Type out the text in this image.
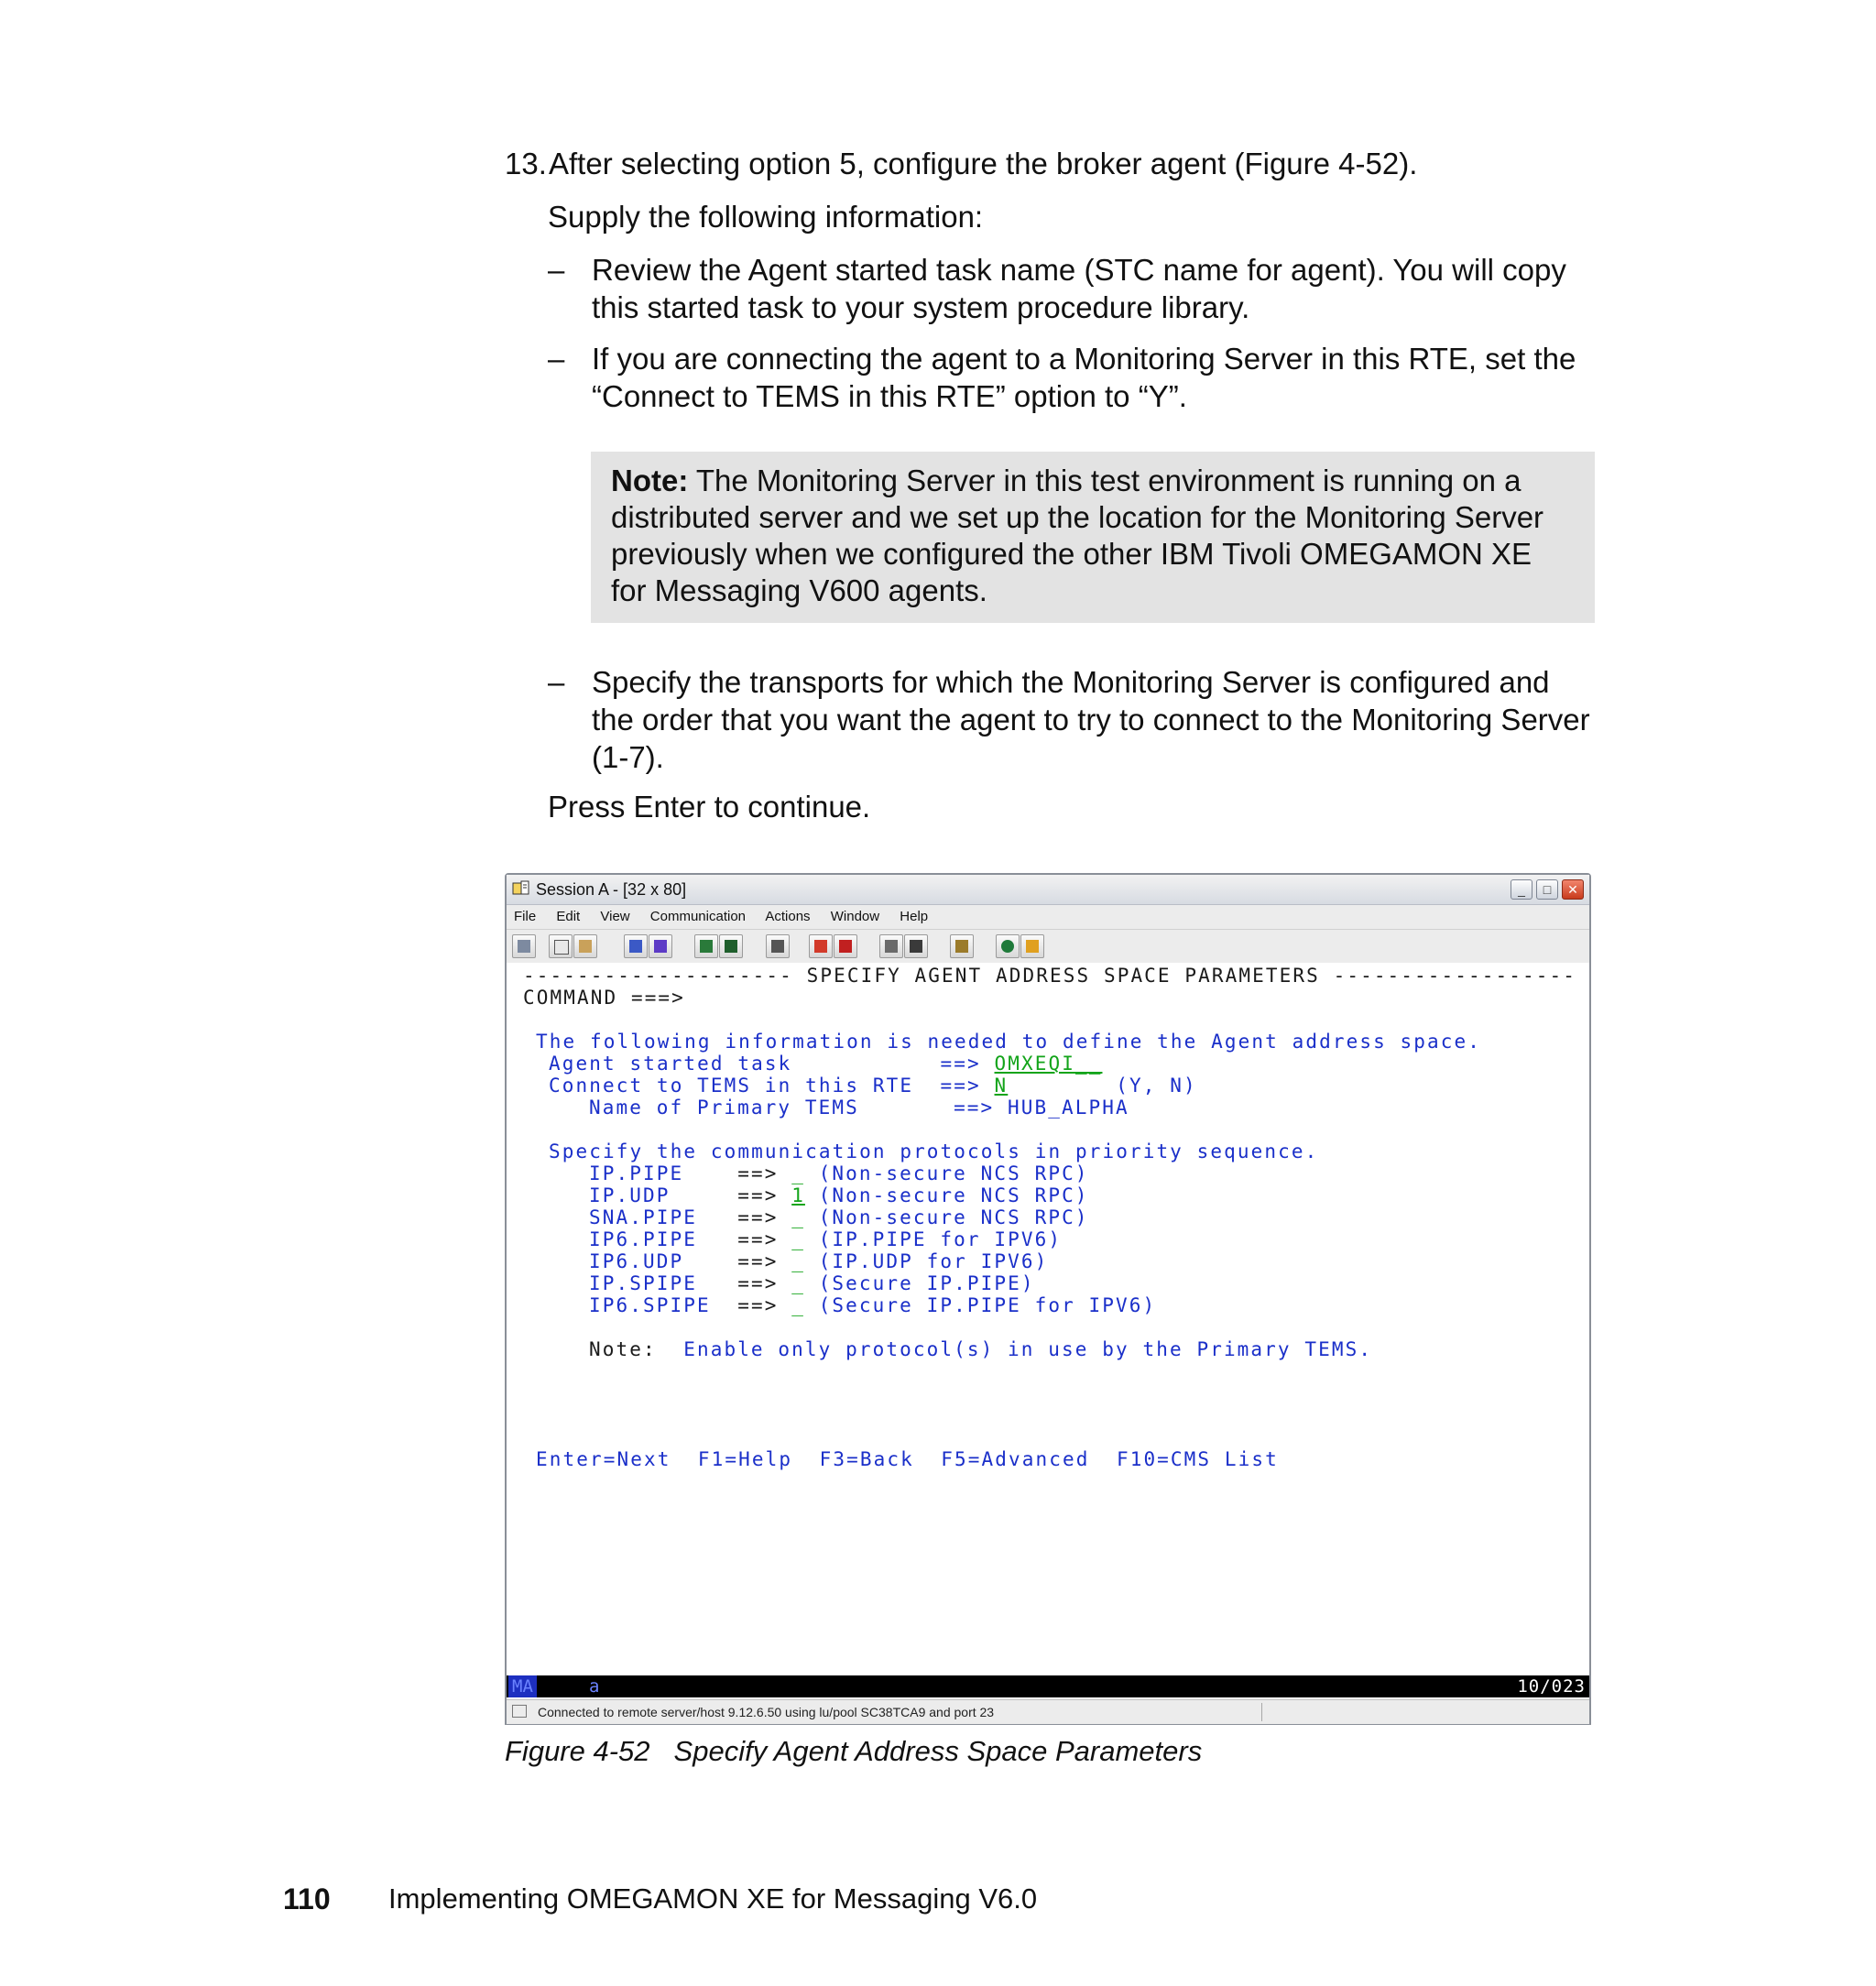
13.After selecting option 5, configure the broker agent (Figure 4-52).
Supply the following information:
– Review the Agent started task name (STC name for agent). You will copy
this started task to your system procedure library.
– If you are connecting the agent to a Monitoring Server in this RTE, set the
“Connect to TEMS in this RTE” option to “Y”.
Note: The Monitoring Server in this test environment is running on a
distributed server and we set up the location for the Monitoring Server
previously when we configured the other IBM Tivoli OMEGAMON XE
for Messaging V600 agents.
– Specify the transports for which the Monitoring Server is configured and
the order that you want the agent to try to connect to the Monitoring Server
(1-7).
Press Enter to continue.
Session A - [32 x 80]	_	□	✕
File Edit View Communication Actions Window Help
-------------------- SPECIFY AGENT ADDRESS SPACE PARAMETERS ------------------
COMMAND ===>
The following information is needed to define the Agent address space.
Agent started task           ==> OMXEQI__
Connect to TEMS in this RTE  ==> N	(Y, N)
Name of Primary TEMS       ==> HUB_ALPHA
Specify the communication protocols in priority sequence.
IP.PIPE    ==> _ (Non-secure NCS RPC)
IP.UDP     ==> 1 (Non-secure NCS RPC)
SNA.PIPE   ==> _ (Non-secure NCS RPC)
IP6.PIPE   ==> _ (IP.PIPE for IPV6)
IP6.UDP    ==> _ (IP.UDP for IPV6)
IP.SPIPE   ==> _ (Secure IP.PIPE)
IP6.SPIPE ==> _ (Secure IP.PIPE for IPV6)
Note: Enable only protocol(s) in use by the Primary TEMS.
Enter=Next  F1=Help  F3=Back  F5=Advanced  F10=CMS List
MA	a	10/023
Connected to remote server/host 9.12.6.50 using lu/pool SC38TCA9 and port 23
Figure 4-52 Specify Agent Address Space Parameters
110 Implementing OMEGAMON XE for Messaging V6.0
